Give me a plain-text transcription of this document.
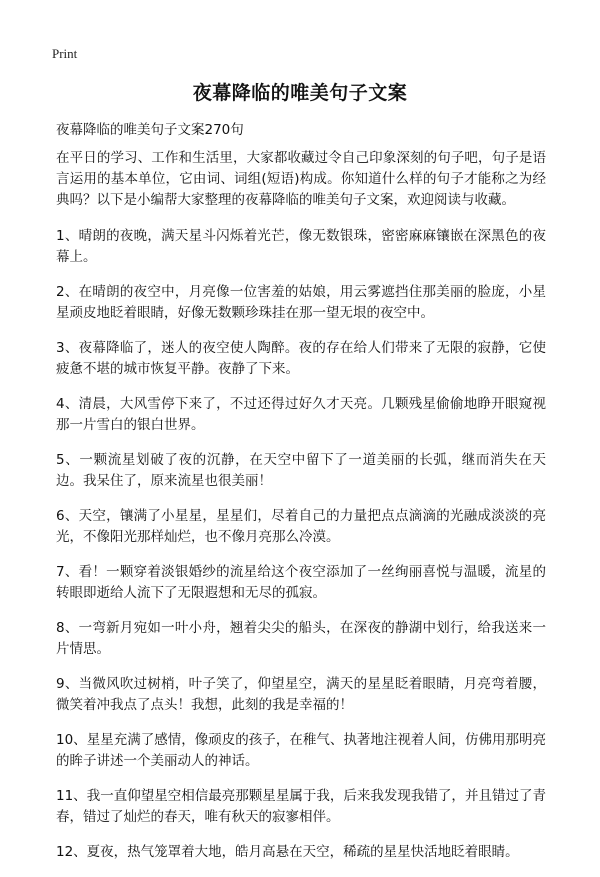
Print
夜幕降临的唯美句子文案
夜幕降临的唯美句子文案270句

在平日的学习、工作和生活里，大家都收藏过令自己印象深刻的句子吧，句子是语言运用的基本单位，它由词、词组(短语)构成。你知道什么样的句子才能称之为经典吗？以下是小编帮大家整理的夜幕降临的唯美句子文案，欢迎阅读与收藏。

1、晴朗的夜晚，满天星斗闪烁着光芒，像无数银珠，密密麻麻镶嵌在深黑色的夜幕上。

2、在晴朗的夜空中，月亮像一位害羞的姑娘，用云雾遮挡住那美丽的脸庞，小星星顽皮地眨着眼睛，好像无数颗珍珠挂在那一望无垠的夜空中。

3、夜幕降临了，迷人的夜空使人陶醉。夜的存在给人们带来了无限的寂静，它使疲惫不堪的城市恢复平静。夜静了下来。

4、清晨，大风雪停下来了，不过还得过好久才天亮。几颗残星偷偷地睁开眼窥视那一片雪白的银白世界。

5、一颗流星划破了夜的沉静，在天空中留下了一道美丽的长弧，继而消失在天边。我呆住了，原来流星也很美丽！

6、天空，镶满了小星星，星星们，尽着自己的力量把点点滴滴的光融成淡淡的亮光，不像阳光那样灿烂，也不像月亮那么冷漠。

7、看！一颗穿着淡银婚纱的流星给这个夜空添加了一丝绚丽喜悦与温暖，流星的转眼即逝给人流下了无限遐想和无尽的孤寂。

8、一弯新月宛如一叶小舟，翘着尖尖的船头，在深夜的静湖中划行，给我送来一片情思。

9、当微风吹过树梢，叶子笑了，仰望星空，满天的星星眨着眼睛，月亮弯着腰，微笑着冲我点了点头！我想，此刻的我是幸福的！

10、星星充满了感情，像顽皮的孩子，在稚气、执著地注视着人间，仿佛用那明亮的眸子讲述一个美丽动人的神话。

11、我一直仰望星空相信最亮那颗星星属于我，后来我发现我错了，并且错过了青春，错过了灿烂的春天，唯有秋天的寂寥相伴。

12、夏夜，热气笼罩着大地，皓月高悬在天空，稀疏的星星快活地眨着眼睛。
